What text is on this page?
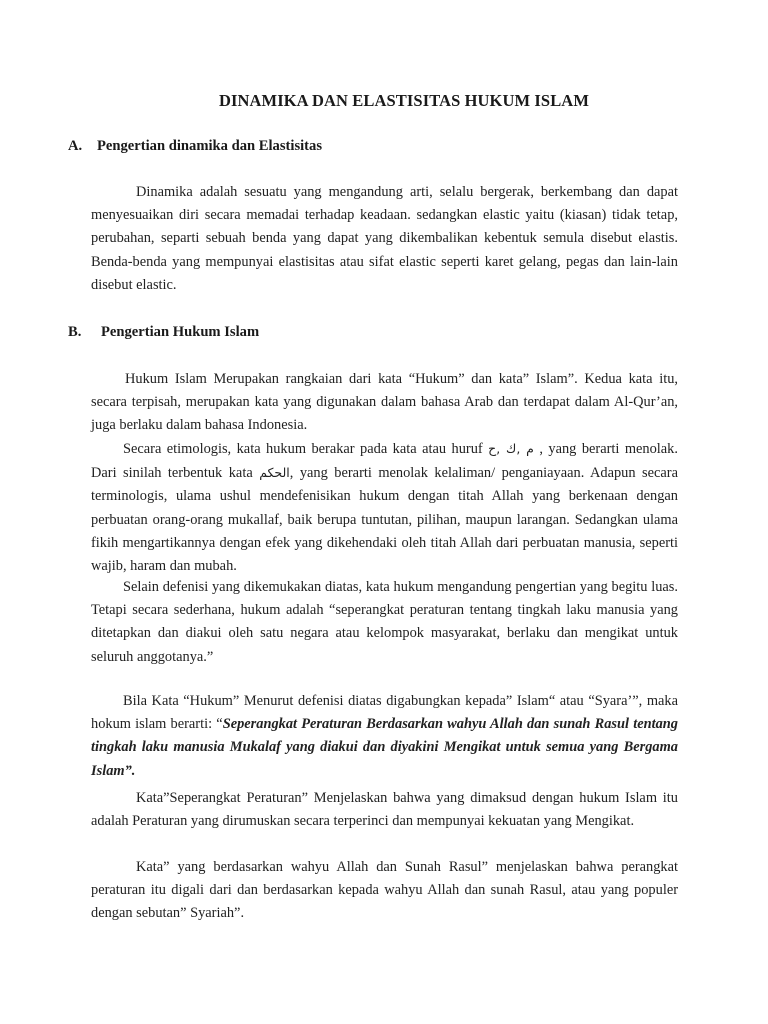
DINAMIKA DAN ELASTISITAS HUKUM ISLAM
A. Pengertian dinamika dan Elastisitas

Dinamika adalah sesuatu yang mengandung arti, selalu bergerak, berkembang dan dapat menyesuaikan diri secara memadai terhadap keadaan. sedangkan elastic yaitu (kiasan) tidak tetap, perubahan, separti sebuah benda yang dapat yang dikembalikan kebentuk semula disebut elastis. Benda-benda yang mempunyai elastisitas atau sifat elastic seperti karet gelang, pegas dan lain-lain disebut elastic.

B. Pengertian Hukum Islam

Hukum Islam Merupakan rangkaian dari kata “Hukum” dan kata” Islam”. Kedua kata itu, secara terpisah, merupakan kata yang digunakan dalam bahasa Arab dan terdapat dalam Al-Qur’an, juga berlaku dalam bahasa Indonesia.

Secara etimologis, kata hukum berakar pada kata atau huruf م ,ك ,ح , yang berarti menolak. Dari sinilah terbentuk kata الحكم, yang berarti menolak kelaliman/ penganiayaan. Adapun secara terminologis, ulama ushul mendefenisikan hukum dengan titah Allah yang berkenaan dengan perbuatan orang-orang mukallaf, baik berupa tuntutan, pilihan, maupun larangan. Sedangkan ulama fikih mengartikannya dengan efek yang dikehendaki oleh titah Allah dari perbuatan manusia, seperti wajib, haram dan mubah.

Selain defenisi yang dikemukakan diatas, kata hukum mengandung pengertian yang begitu luas. Tetapi secara sederhana, hukum adalah “seperangkat peraturan tentang tingkah laku manusia yang ditetapkan dan diakui oleh satu negara atau kelompok masyarakat, berlaku dan mengikat untuk seluruh anggotanya.”

Bila Kata “Hukum” Menurut defenisi diatas digabungkan kepada” Islam“ atau “Syara’”, maka hokum islam berarti: “Seperangkat Peraturan Berdasarkan wahyu Allah dan sunah Rasul tentang tingkah laku manusia Mukalaf yang diakui dan diyakini Mengikat untuk semua yang Bergama Islam”.

Kata”Seperangkat Peraturan” Menjelaskan bahwa yang dimaksud dengan hukum Islam itu adalah Peraturan yang dirumuskan secara terperinci dan mempunyai kekuatan yang Mengikat.

Kata” yang berdasarkan wahyu Allah dan Sunah Rasul” menjelaskan bahwa perangkat peraturan itu digali dari dan berdasarkan kepada wahyu Allah dan sunah Rasul, atau yang populer dengan sebutan” Syariah”.
